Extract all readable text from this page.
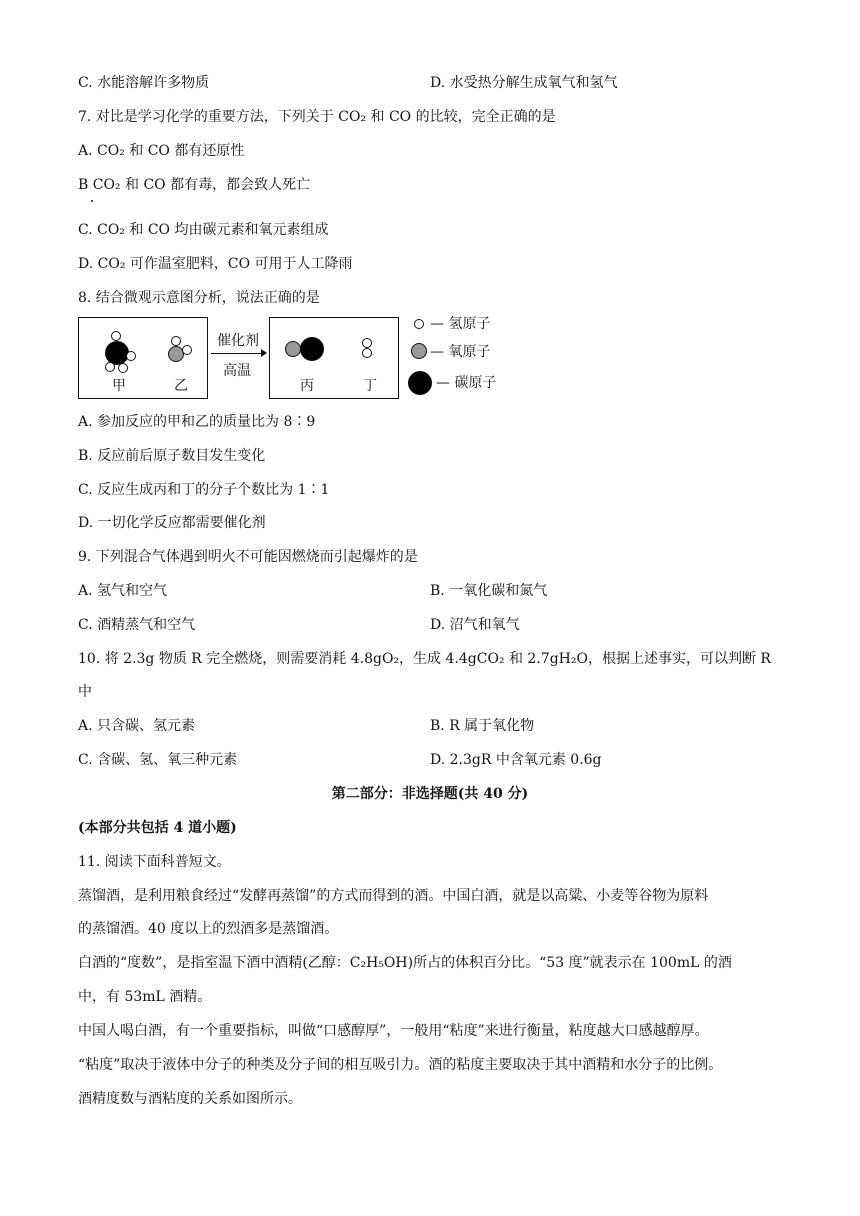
C. 水能溶解许多物质	D. 水受热分解生成氧气和氢气
7. 对比是学习化学的重要方法，下列关于 CO₂ 和 CO 的比较，完全正确的是
A. CO₂ 和 CO 都有还原性
B CO₂ 和 CO 都有毒，都会致人死亡
C. CO₂ 和 CO 均由碳元素和氧元素组成
D. CO₂ 可作温室肥料，CO 可用于人工降雨
8. 结合微观示意图分析，说法正确的是
甲	乙
催化剂
高温
丙	丁
— 氢原子
— 氧原子
— 碳原子
A. 参加反应的甲和乙的质量比为 8∶9
B. 反应前后原子数目发生变化
C. 反应生成丙和丁的分子个数比为 1∶1
D. 一切化学反应都需要催化剂
9. 下列混合气体遇到明火不可能因燃烧而引起爆炸的是
A. 氢气和空气	B. 一氧化碳和氮气
C. 酒精蒸气和空气	D. 沼气和氧气
10. 将 2.3g 物质 R 完全燃烧，则需要消耗 4.8gO₂，生成 4.4gCO₂ 和 2.7gH₂O，根据上述事实，可以判断 R
中
A. 只含碳、氢元素	B. R 属于氧化物
C. 含碳、氢、氧三种元素	D. 2.3gR 中含氧元素 0.6g
第二部分：非选择题(共 40 分)
(本部分共包括 4 道小题)
11. 阅读下面科普短文。
蒸馏酒，是利用粮食经过“发酵再蒸馏”的方式而得到的酒。中国白酒，就是以高粱、小麦等谷物为原料
的蒸馏酒。40 度以上的烈酒多是蒸馏酒。
白酒的“度数”，是指室温下酒中酒精(乙醇：C₂H₅OH)所占的体积百分比。“53 度”就表示在 100mL 的酒
中，有 53mL 酒精。
中国人喝白酒，有一个重要指标，叫做“口感醇厚”，一般用“粘度”来进行衡量，粘度越大口感越醇厚。
“粘度”取决于液体中分子的种类及分子间的相互吸引力。酒的粘度主要取决于其中酒精和水分子的比例。
酒精度数与酒粘度的关系如图所示。
